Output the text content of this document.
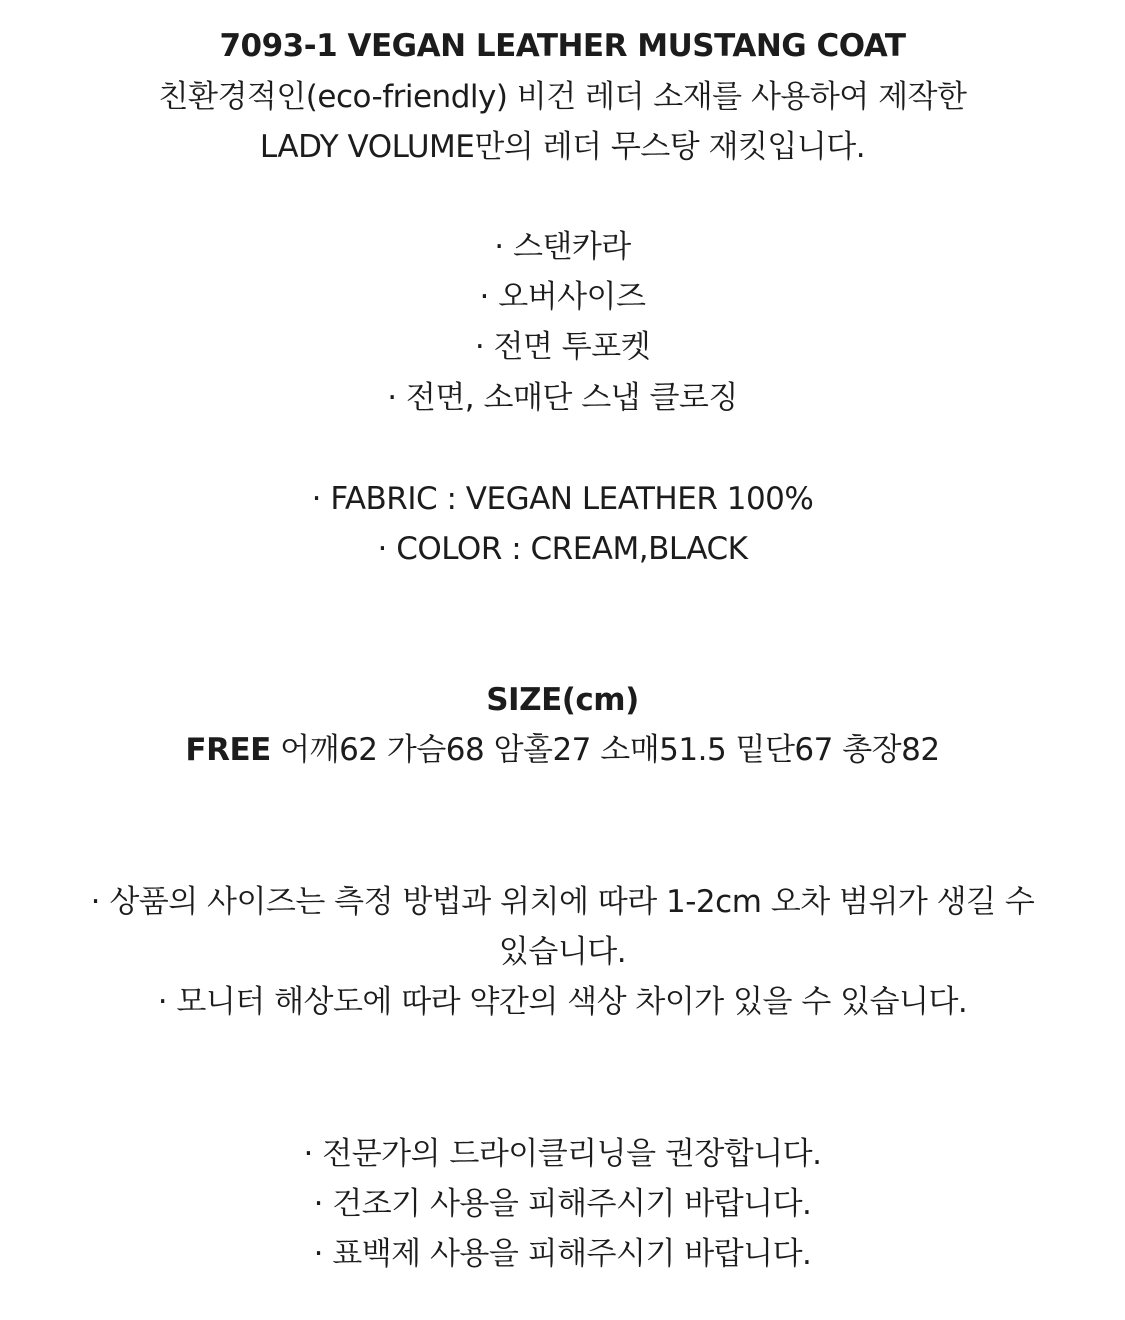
7093-1 VEGAN LEATHER MUSTANG COAT
친환경적인(eco-friendly) 비건 레더 소재를 사용하여 제작한
LADY VOLUME만의 레더 무스탕 재킷입니다.
· 스탠카라
· 오버사이즈
· 전면 투포켓
· 전면, 소매단 스냅 클로징
· FABRIC : VEGAN LEATHER 100%
· COLOR : CREAM,BLACK
SIZE(cm)
FREE 어깨62 가슴68 암홀27 소매51.5 밑단67 총장82
· 상품의 사이즈는 측정 방법과 위치에 따라 1-2cm 오차 범위가 생길 수
있습니다.
· 모니터 해상도에 따라 약간의 색상 차이가 있을 수 있습니다.
· 전문가의 드라이클리닝을 권장합니다.
· 건조기 사용을 피해주시기 바랍니다.
· 표백제 사용을 피해주시기 바랍니다.
